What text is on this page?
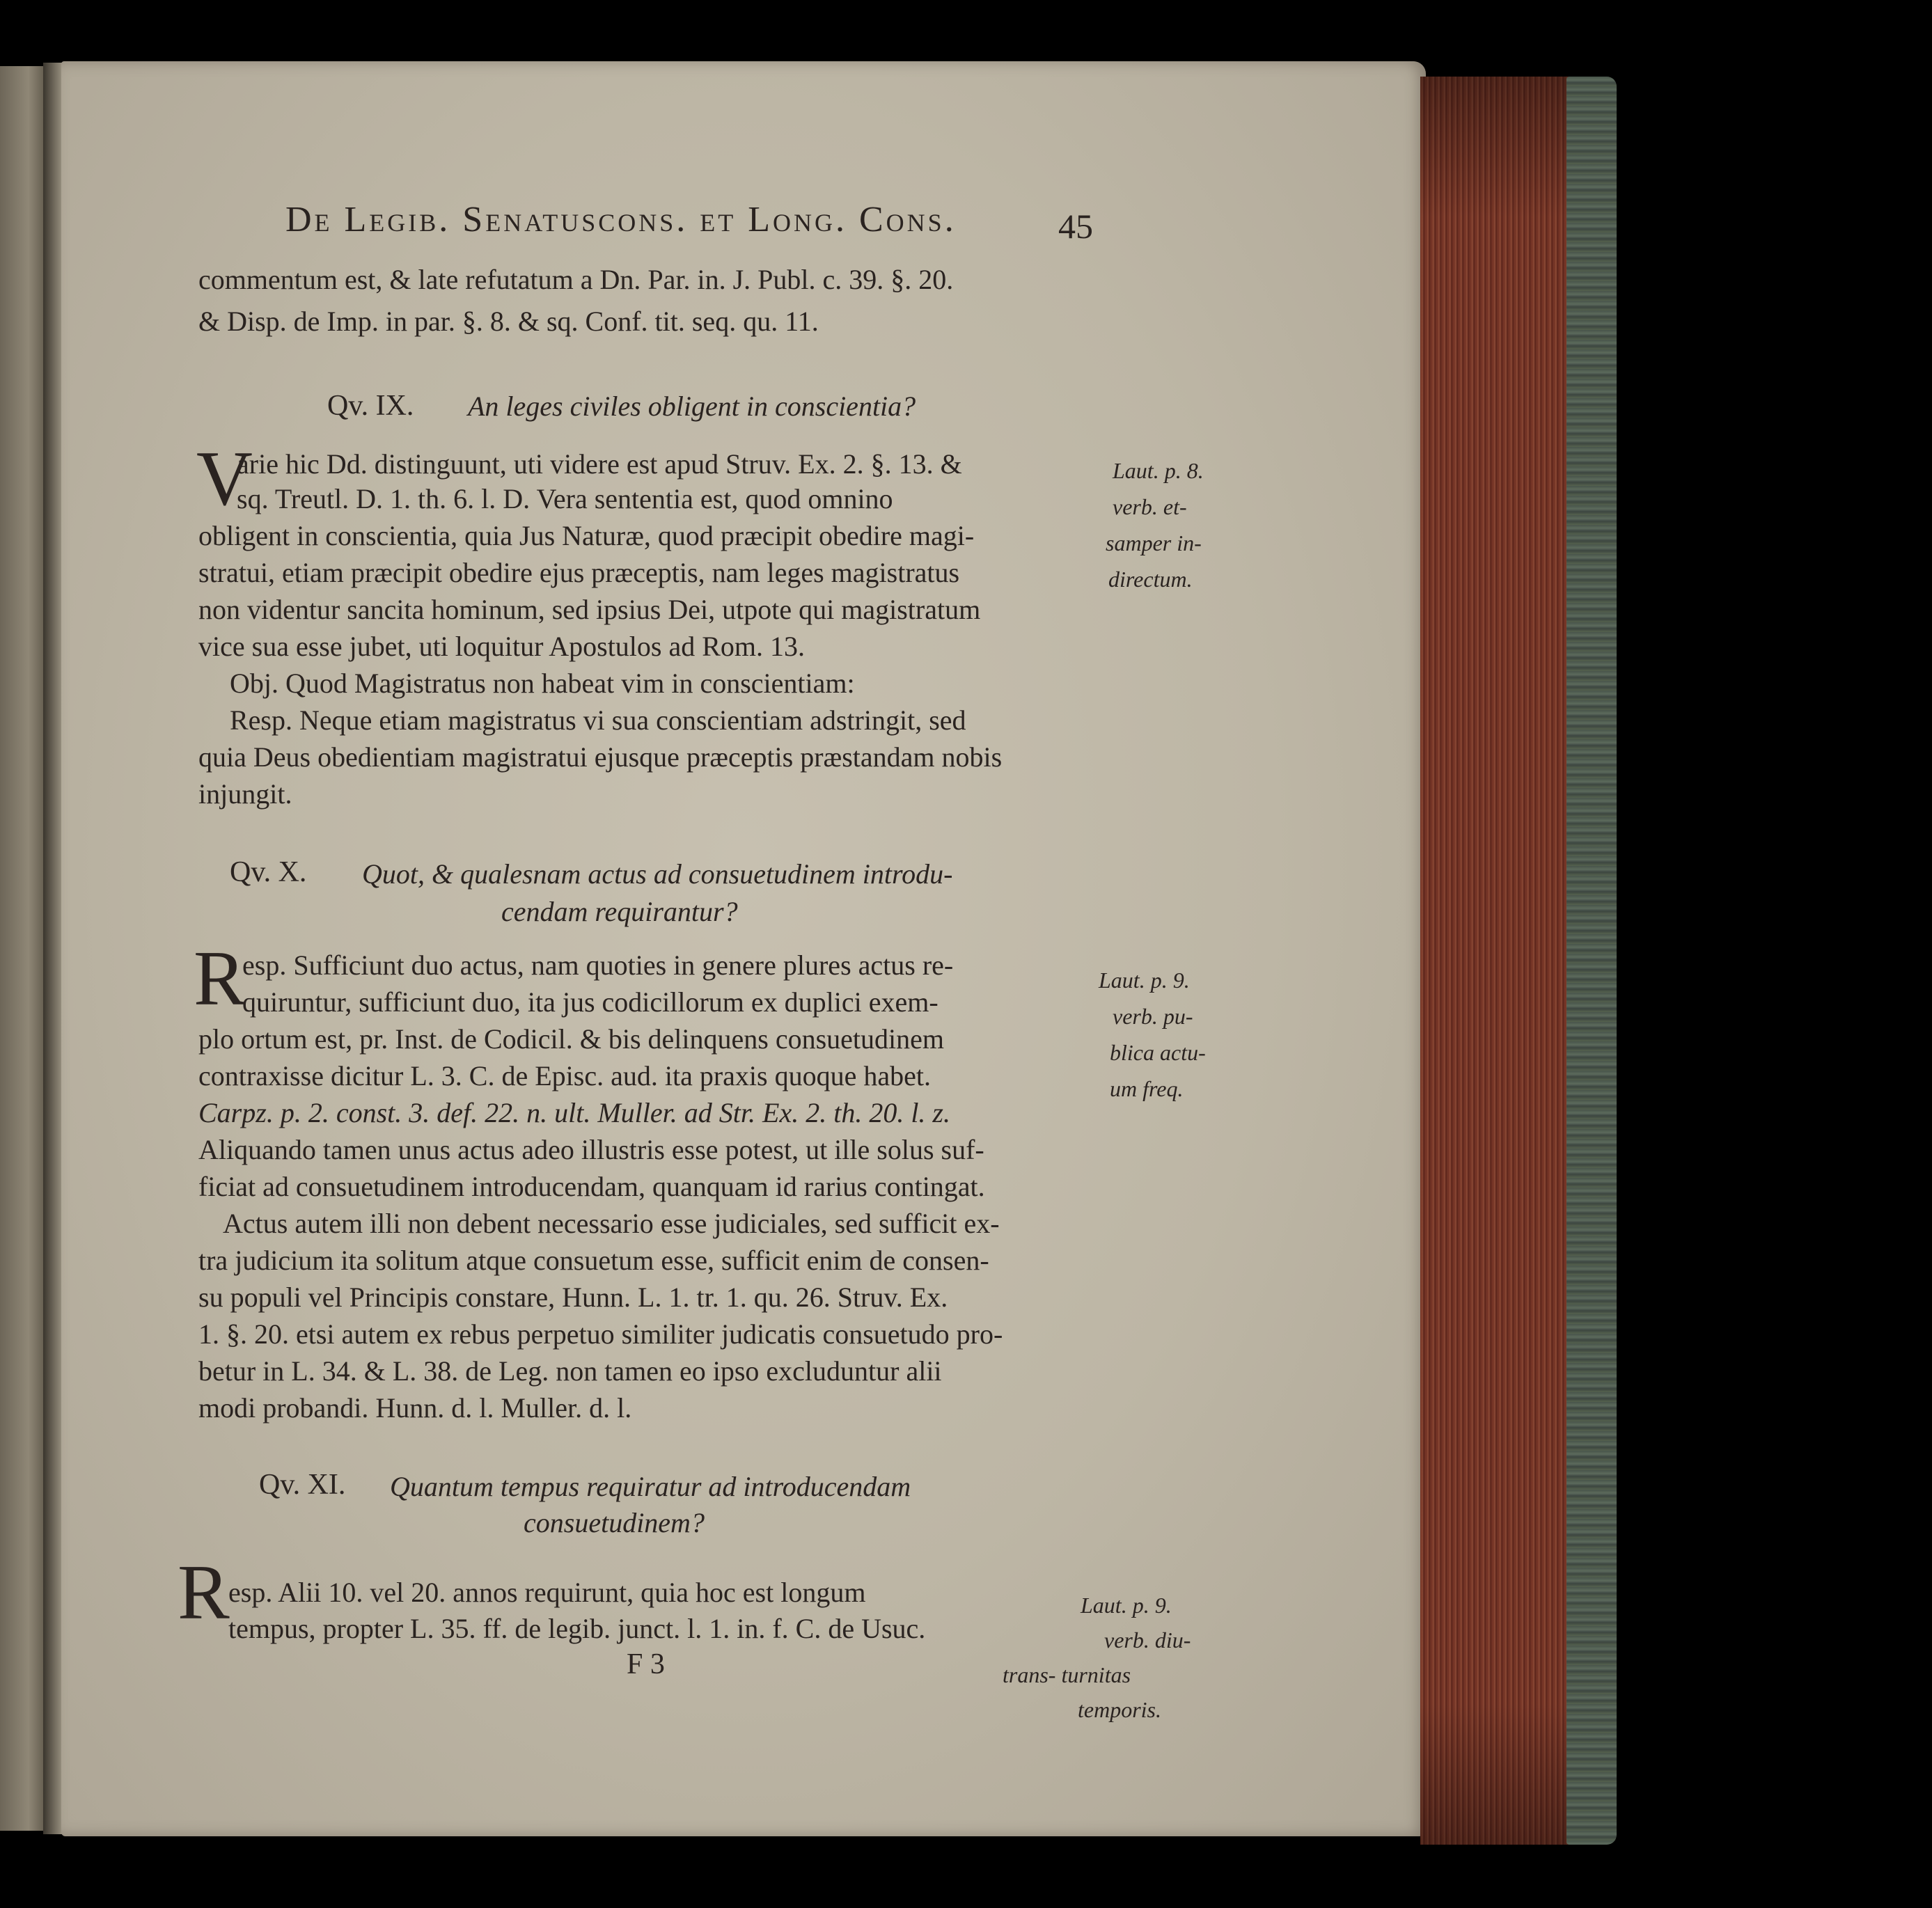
De Legib. Senatuscons. et Long. Cons.	45
commentum est, & late refutatum a Dn. Par. in. J. Publ. c. 39. §. 20.
& Disp. de Imp. in par. §. 8. & sq. Conf. tit. seq. qu. 11.
Qv. IX. An leges civiles obligent in conscientia?
V
arie hic Dd. distinguunt, uti videre est apud Struv. Ex. 2. §. 13. &
sq. Treutl. D. 1. th. 6. l. D. Vera sententia est, quod omnino
obligent in conscientia, quia Jus Naturæ, quod præcipit obedire magi-
stratui, etiam præcipit obedire ejus præceptis, nam leges magistratus
non videntur sancita hominum, sed ipsius Dei, utpote qui magistratum
vice sua esse jubet, uti loquitur Apostulos ad Rom. 13.
Obj. Quod Magistratus non habeat vim in conscientiam:
Resp. Neque etiam magistratus vi sua conscientiam adstringit, sed
quia Deus obedientiam magistratui ejusque præceptis præstandam nobis
injungit.
Laut. p. 8.
verb. et-
samper in-
directum.
Qv. X. Quot, & qualesnam actus ad consuetudinem introdu-
cendam requirantur?
R
esp. Sufficiunt duo actus, nam quoties in genere plures actus re-
quiruntur, sufficiunt duo, ita jus codicillorum ex duplici exem-
plo ortum est, pr. Inst. de Codicil. & bis delinquens consuetudinem
contraxisse dicitur L. 3. C. de Episc. aud. ita praxis quoque habet.
Carpz. p. 2. const. 3. def. 22. n. ult. Muller. ad Str. Ex. 2. th. 20. l. z.
Aliquando tamen unus actus adeo illustris esse potest, ut ille solus suf-
ficiat ad consuetudinem introducendam, quanquam id rarius contingat.
Actus autem illi non debent necessario esse judiciales, sed sufficit ex-
tra judicium ita solitum atque consuetum esse, sufficit enim de consen-
su populi vel Principis constare, Hunn. L. 1. tr. 1. qu. 26. Struv. Ex.
1. §. 20. etsi autem ex rebus perpetuo similiter judicatis consuetudo pro-
betur in L. 34. & L. 38. de Leg. non tamen eo ipso excluduntur alii
modi probandi. Hunn. d. l. Muller. d. l.
Laut. p. 9.
verb. pu-
blica actu-
um freq.
Qv. XI. Quantum tempus requiratur ad introducendam
consuetudinem?
R
esp. Alii 10. vel 20. annos requirunt, quia hoc est longum
tempus, propter L. 35. ff. de legib. junct. l. 1. in. f. C. de Usuc.
Laut. p. 9.
verb. diu-
trans- turnitas
temporis.
F 3
